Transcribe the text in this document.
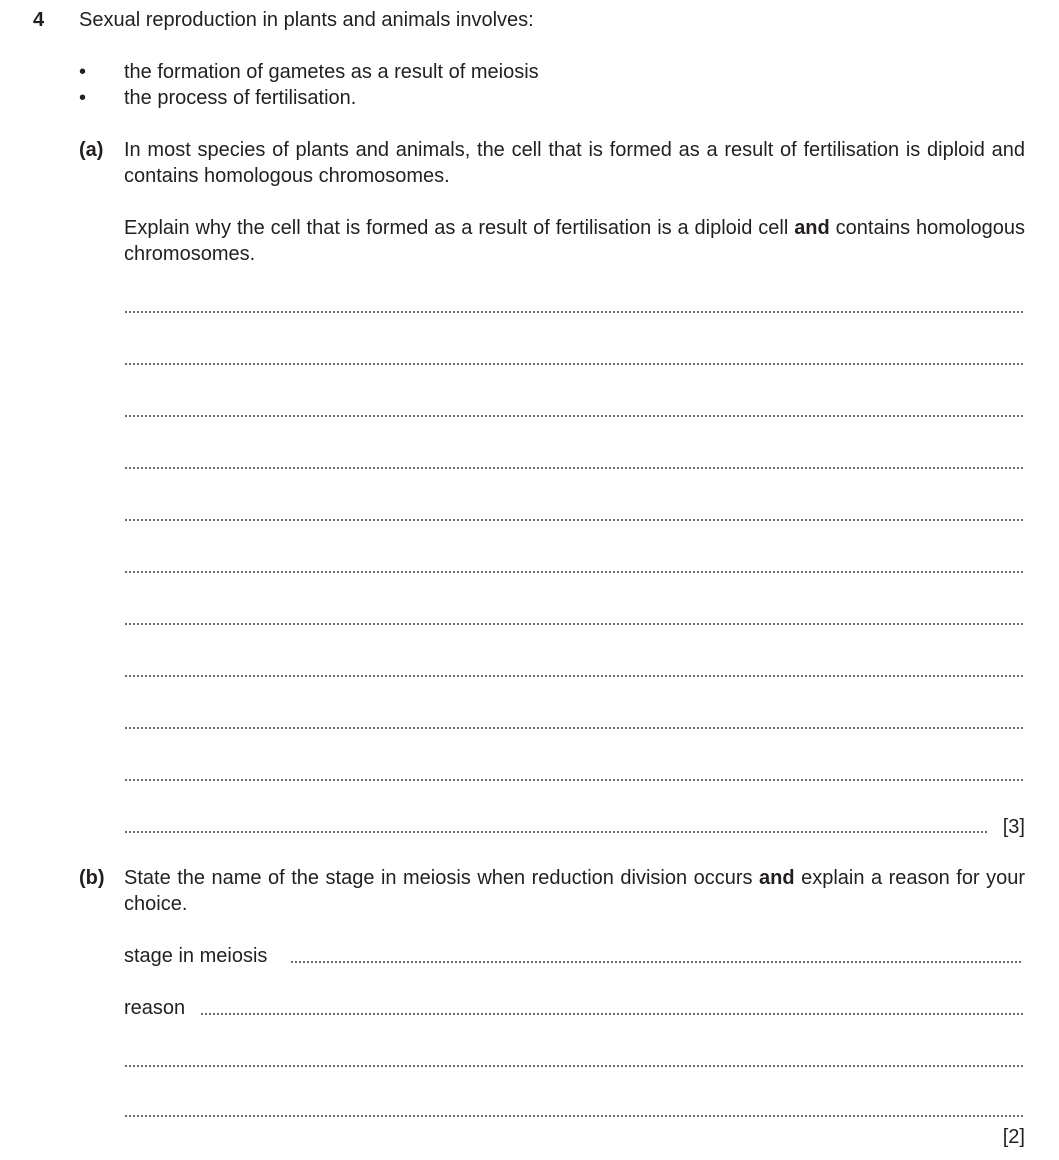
4 Sexual reproduction in plants and animals involves:
• the formation of gametes as a result of meiosis
• the process of fertilisation.
(a) In most species of plants and animals, the cell that is formed as a result of fertilisation is diploid and contains homologous chromosomes.
Explain why the cell that is formed as a result of fertilisation is a diploid cell and contains homologous chromosomes.
[3]
(b) State the name of the stage in meiosis when reduction division occurs and explain a reason for your choice.
stage in meiosis
reason
[2]
